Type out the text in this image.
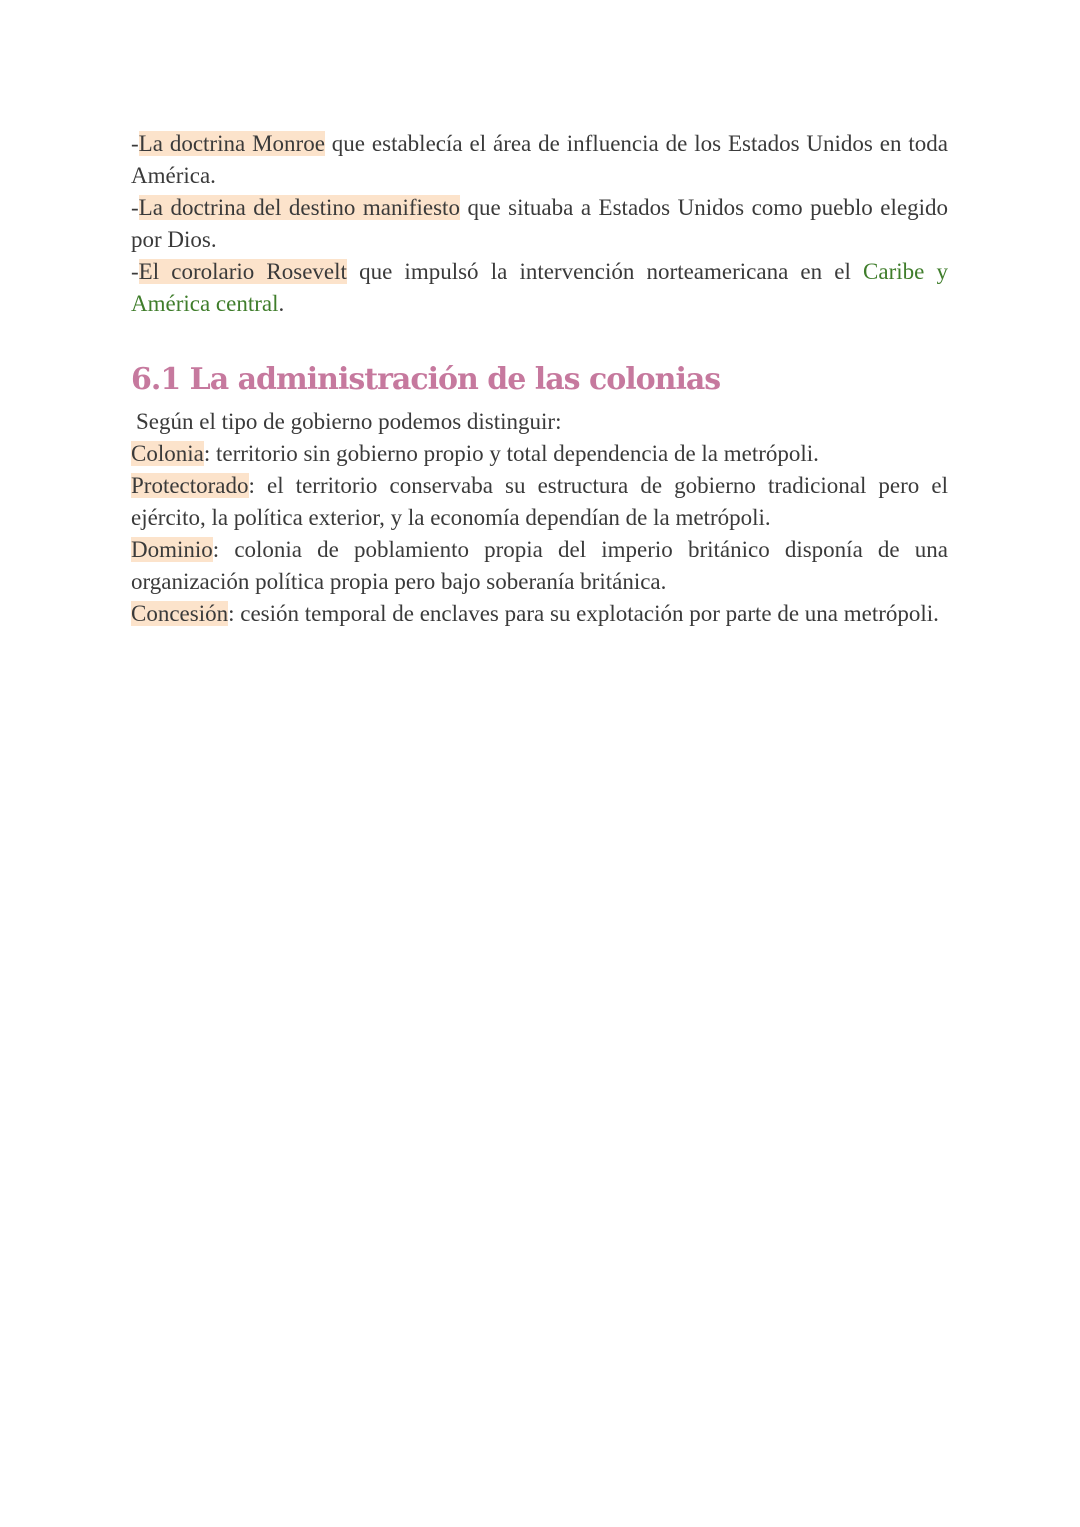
-La doctrina Monroe que establecía el área de influencia de los Estados Unidos en toda América.

-La doctrina del destino manifiesto que situaba a Estados Unidos como pueblo elegido por Dios.

-El corolario Rosevelt que impulsó la intervención norteamericana en el Caribe y América central.

6.1 La administración de las colonias

Según el tipo de gobierno podemos distinguir:

Colonia: territorio sin gobierno propio y total dependencia de la metrópoli.

Protectorado: el territorio conservaba su estructura de gobierno tradicional pero el ejército, la política exterior, y la economía dependían de la metrópoli.

Dominio: colonia de poblamiento propia del imperio británico disponía de una organización política propia pero bajo soberanía británica.

Concesión: cesión temporal de enclaves para su explotación por parte de una metrópoli.
